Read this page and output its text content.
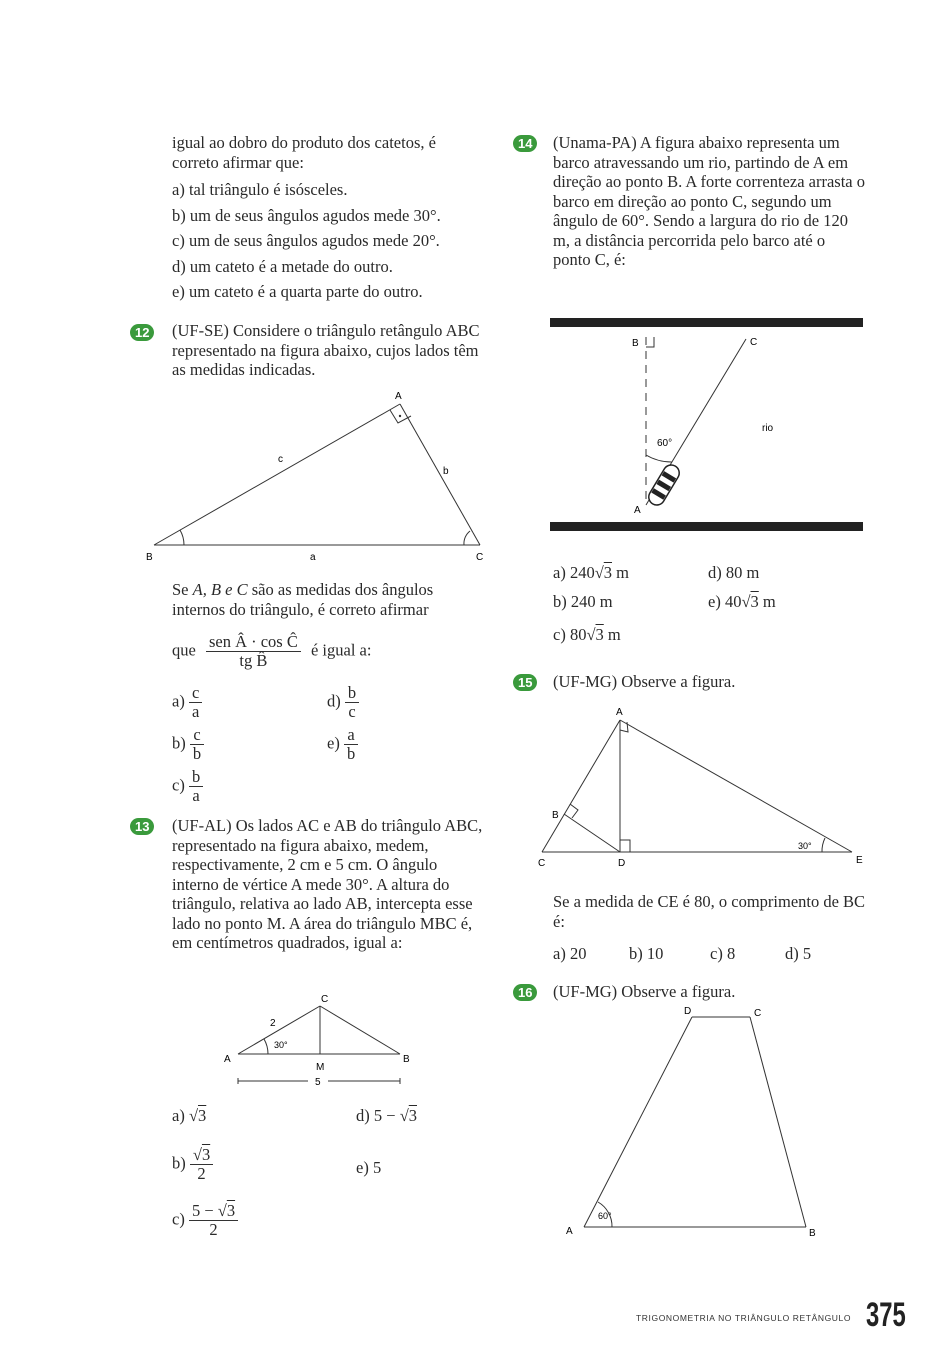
igual ao dobro do produto dos catetos, é correto afirmar que:

a) tal triângulo é isósceles.

b) um de seus ângulos agudos mede 30°.

c) um de seus ângulos agudos mede 20°.

d) um cateto é a metade do outro.

e) um cateto é a quarta parte do outro.

12	(UF-SE) Considere o triângulo retângulo ABC representado na figura abaixo, cujos lados têm as medidas indicadas.

A
B	C
a
b
c

Se A, B e C são as medidas dos ângulos internos do triângulo, é correto afirmar

que $\frac{\text{sen Â · cos Ĉ}}{\text{tg B̂}}$ é igual a:
$a) \frac{c}{a}$
$b) \frac{c}{b}$
$c) \frac{b}{a}$
$d) \frac{b}{c}$
$e) \frac{a}{b}$
13	(UF-AL) Os lados AC e AB do triângulo ABC, representado na figura abaixo, medem, respectivamente, 2 cm e 5 cm. O ângulo interno de vértice A mede 30°. A altura do triângulo, relativa ao lado AB, intercepta esse lado no ponto M. A área do triângulo MBC é, em centímetros quadrados, igual a:

C
A	B
M
2
30°
5
a) √3
$b) \frac{√3}{2}$
$c) \frac{5 - √3}{2}$
d) 5 − √3
e) 5
14	(Unama-PA) A figura abaixo representa um barco atravessando um rio, partindo de A em direção ao ponto B. A forte correnteza arrasta o barco em direção ao ponto C, segundo um ângulo de 60°. Sendo a largura do rio de 120 m, a distância percorrida pelo barco até o ponto C, é:

B	C
A
60°
rio
a) 240√3 m
b) 240 m
c) 80√3 m
d) 80 m
e) 40√3 m
15	(UF-MG) Observe a figura.

A
B
C	D	E
30°

Se a medida de CE é 80, o comprimento de BC é:

a) 20	b) 10	c) 8	d) 5
16	(UF-MG) Observe a figura.

D	C
A	B
60°
TRIGONOMETRIA NO TRIÂNGULO RETÂNGULO 375
